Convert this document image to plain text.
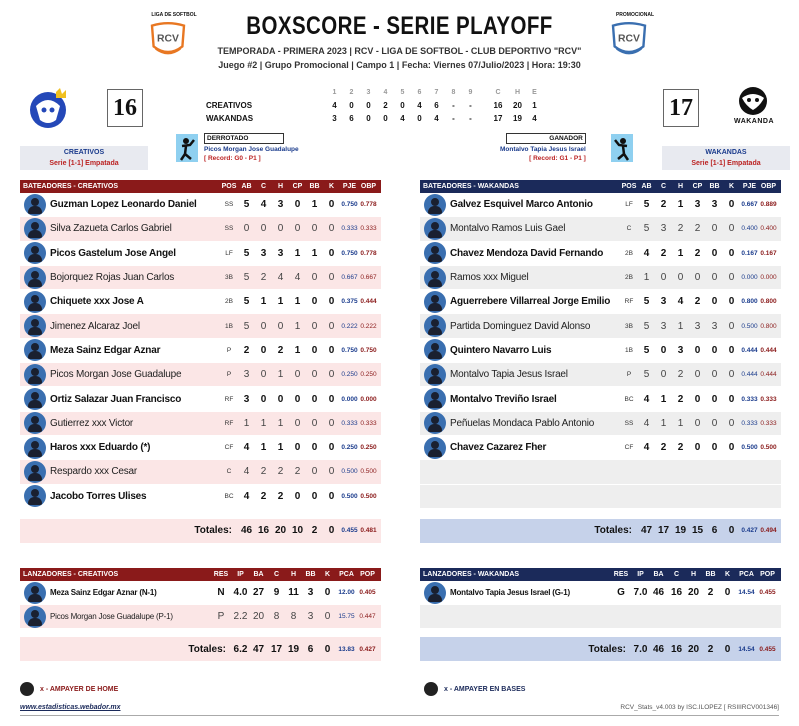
BOXSCORE - SERIE PLAYOFF
TEMPORADA - PRIMERA 2023 | RCV - LIGA DE SOFTBOL - CLUB DEPORTIVO "RCV"
Juego #2 | Grupo Promocional | Campo 1 | Fecha: Viernes 07/Julio/2023 | Hora: 19:30
LIGA DE SOFTBOL
RCV
PROMOCIONAL
RCV
16
WAKANDA
17
1	2	3	4	5	6	7	8	9	C	H	E
CREATIVOS	4	0	0	2	0	4	6	-	-	16	20	1
WAKANDAS	3	6	0	0	4	0	4	-	-	17	19	4
CREATIVOS
Serie [1-1] Empatada
WAKANDAS
Serie [1-1] Empatada
DERROTADO
Picos Morgan Jose Guadalupe
[ Record: G0 - P1 ]
GANADOR
Montalvo Tapia Jesus Israel
[ Record: G1 - P1 ]
BATEADORES - CREATIVOS	POS AB	C	H	CP	BB	K	PJE OBP
Guzman Lopez Leonardo Daniel	SS	5	4	3	0	1	0	0.750 0.778
Silva Zazueta Carlos Gabriel	SS	0	0	0	0	0	0	0.333 0.333
Picos Gastelum Jose Angel	LF	5	3	3	1	1	0	0.750 0.778
Bojorquez Rojas Juan Carlos	3B	5	2	4	4	0	0	0.667 0.667
Chiquete xxx Jose A	2B	5	1	1	1	0	0	0.375 0.444
Jimenez Alcaraz Joel	1B	5	0	0	1	0	0	0.222 0.222
Meza Sainz Edgar Aznar	P	2	0	2	1	0	0	0.750 0.750
Picos Morgan Jose Guadalupe	P	3	0	1	0	0	0	0.250 0.250
Ortiz Salazar Juan Francisco	RF	3	0	0	0	0	0	0.000 0.000
Gutierrez xxx Victor	RF	1	1	1	0	0	0	0.333 0.333
Haros xxx Eduardo (*)	CF	4	1	1	0	0	0	0.250 0.250
Respardo xxx Cesar	C	4	2	2	2	0	0	0.500 0.500
Jacobo Torres Ulises	BC	4	2	2	0	0	0	0.500 0.500
Totales: 46 16 20 10 2	0	0.455 0.481
BATEADORES - WAKANDAS	POS AB	C	H	CP	BB	K	PJE OBP
Galvez Esquivel Marco Antonio	LF	5	2	1	3	3	0	0.667 0.889
Montalvo Ramos Luis Gael	C	5	3	2	2	0	0	0.400 0.400
Chavez Mendoza David Fernando	2B	4	2	1	2	0	0	0.167 0.167
Ramos xxx Miguel	2B	1	0	0	0	0	0	0.000 0.000
Aguerrebere Villarreal Jorge Emilio	RF	5	3	4	2	0	0	0.800 0.800
Partida Dominguez David Alonso	3B	5	3	1	3	3	0	0.500 0.800
Quintero Navarro Luis	1B	5	0	3	0	0	0	0.444 0.444
Montalvo Tapia Jesus Israel	P	5	0	2	0	0	0	0.444 0.444
Montalvo Treviño Israel	BC	4	1	2	0	0	0	0.333 0.333
Peñuelas Mondaca Pablo Antonio	SS	4	1	1	0	0	0	0.333 0.333
Chavez Cazarez Fher	CF	4	2	2	0	0	0	0.500 0.500
Totales: 47 17 19 15 6	0	0.427 0.494
LANZADORES - CREATIVOS	RES	IP	BA	C	H	BB	K	PCA POP
Meza Sainz Edgar Aznar (N-1)	N 4.0 27 9 11 3	0	12.00 0.405
Picos Morgan Jose Guadalupe (P-1)	P 2.2 20 8	8	3	0	15.75 0.447
Totales: 6.2 47 17 19 6	0	13.83 0.427
LANZADORES - WAKANDAS	RES	IP	BA	C	H	BB	K	PCA POP
Montalvo Tapia Jesus Israel (G-1)	G 7.0 46 16 20 2	0	14.54 0.455
Totales: 7.0 46 16 20 2	0	14.54 0.455
x - AMPAYER DE HOME	x - AMPAYER EN BASES
www.estadisticas.webador.mx	RCV_Stats_v4.003 by ISC.ILOPEZ [ RSIIIRCV001346]
